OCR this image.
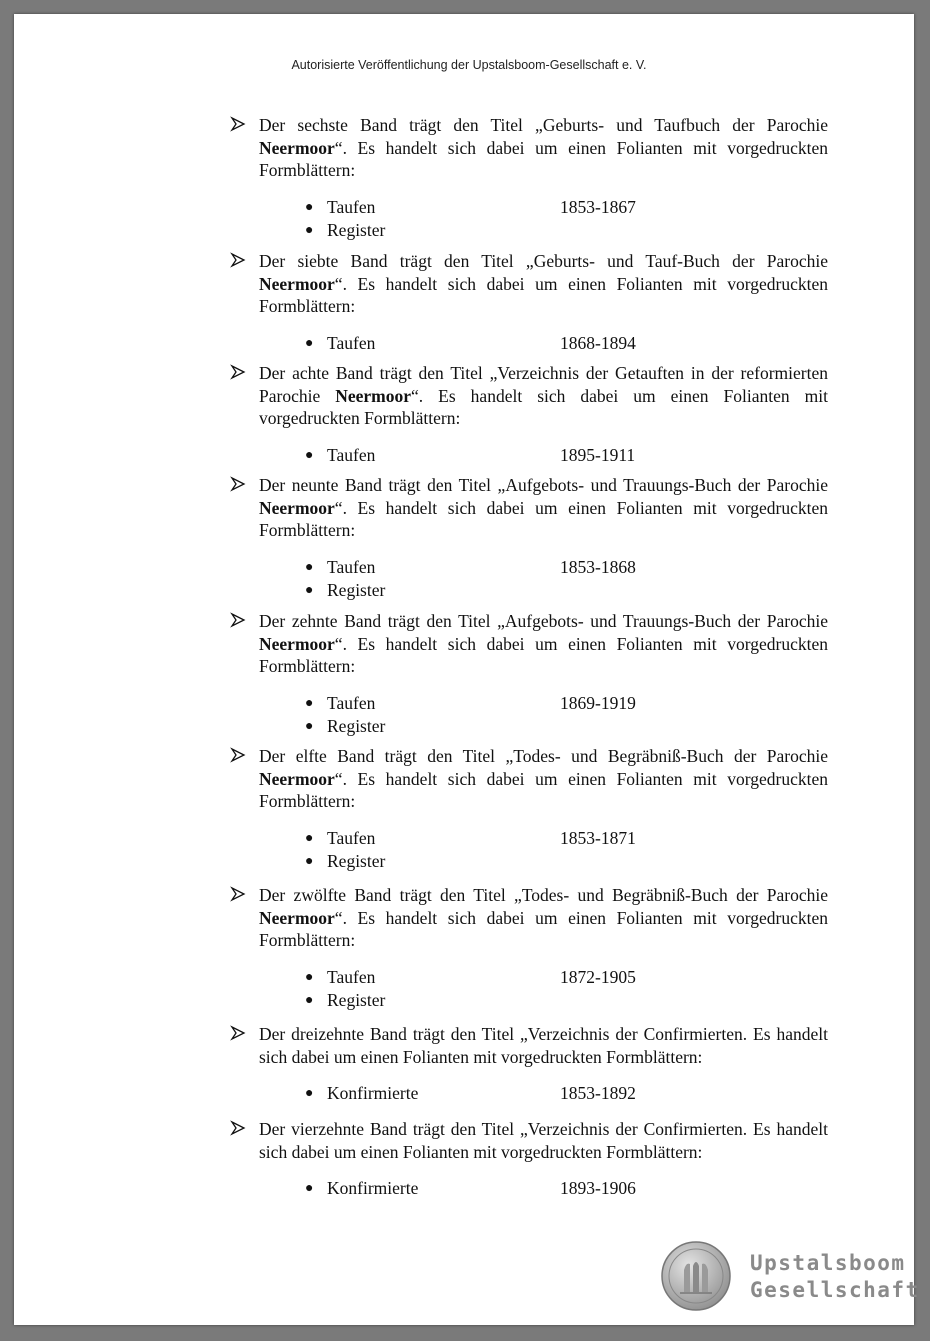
Autorisierte Veröffentlichung der Upstalsboom-Gesellschaft e. V.

Der sechste Band trägt den Titel „Geburts- und Taufbuch der Parochie Neermoor“. Es handelt sich dabei um einen Folianten mit vorgedruckten Formblättern:

● Taufen	1853-1867
● Register

Der siebte Band trägt den Titel „Geburts- und Tauf-Buch der Parochie Neermoor“. Es handelt sich dabei um einen Folianten mit vorgedruckten Formblättern:

● Taufen	1868-1894

Der achte Band trägt den Titel „Verzeichnis der Getauften in der reformierten Parochie Neermoor“. Es handelt sich dabei um einen Folianten mit vorgedruckten Formblättern:

● Taufen	1895-1911

Der neunte Band trägt den Titel „Aufgebots- und Trauungs-Buch der Parochie Neermoor“. Es handelt sich dabei um einen Folianten mit vorgedruckten Formblättern:

● Taufen	1853-1868
● Register

Der zehnte Band trägt den Titel „Aufgebots- und Trauungs-Buch der Parochie Neermoor“. Es handelt sich dabei um einen Folianten mit vorgedruckten Formblättern:

● Taufen	1869-1919
● Register

Der elfte Band trägt den Titel „Todes- und Begräbniß-Buch der Parochie Neermoor“. Es handelt sich dabei um einen Folianten mit vorgedruckten Formblättern:

● Taufen	1853-1871
● Register

Der zwölfte Band trägt den Titel „Todes- und Begräbniß-Buch der Parochie Neermoor“. Es handelt sich dabei um einen Folianten mit vorgedruckten Formblättern:

● Taufen	1872-1905
● Register

Der dreizehnte Band trägt den Titel „Verzeichnis der Confirmierten. Es handelt sich dabei um einen Folianten mit vorgedruckten Formblättern:

● Konfirmierte	1853-1892

Der vierzehnte Band trägt den Titel „Verzeichnis der Confirmierten. Es handelt sich dabei um einen Folianten mit vorgedruckten Formblättern:

● Konfirmierte	1893-1906
Upstalsboom
Gesellschaft
